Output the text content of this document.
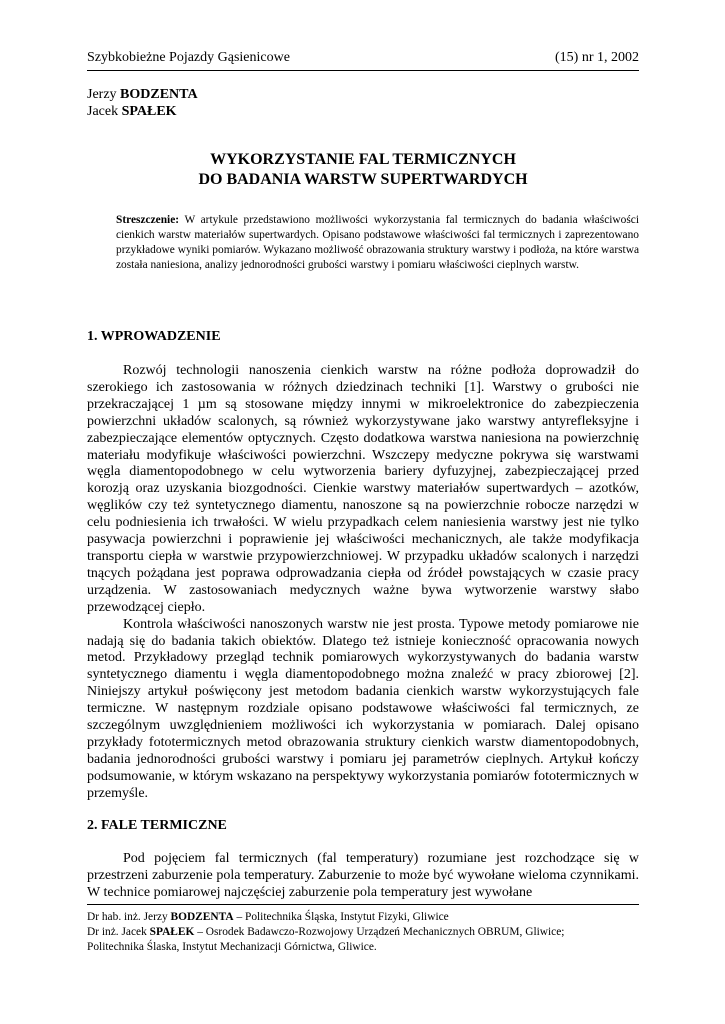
Szybkobieżne Pojazdy Gąsienicowe	(15) nr 1, 2002
Jerzy BODZENTA
Jacek SPAŁEK
WYKORZYSTANIE FAL TERMICZNYCH
DO BADANIA WARSTW SUPERTWARDYCH
Streszczenie: W artykule przedstawiono możliwości wykorzystania fal termicznych do badania właściwości cienkich warstw materiałów supertwardych. Opisano podstawowe właściwości fal termicznych i zaprezentowano przykładowe wyniki pomiarów. Wykazano możliwość obrazowania struktury warstwy i podłoża, na które warstwa została naniesiona, analizy jednorodności grubości warstwy i pomiaru właściwości cieplnych warstw.
1. WPROWADZENIE

Rozwój technologii nanoszenia cienkich warstw na różne podłoża doprowadził do szerokiego ich zastosowania w różnych dziedzinach techniki [1]. Warstwy o grubości nie przekraczającej 1 µm są stosowane między innymi w mikroelektronice do zabezpieczenia powierzchni układów scalonych, są również wykorzystywane jako warstwy antyrefleksyjne i zabezpieczające elementów optycznych. Często dodatkowa warstwa naniesiona na powierzchnię materiału modyfikuje właściwości powierzchni. Wszczepy medyczne pokrywa się warstwami węgla diamentopodobnego w celu wytworzenia bariery dyfuzyjnej, zabezpieczającej przed korozją oraz uzyskania biozgodności. Cienkie warstwy materiałów supertwardych – azotków, węglików czy też syntetycznego diamentu, nanoszone są na powierzchnie robocze narzędzi w celu podniesienia ich trwałości. W wielu przypadkach celem naniesienia warstwy jest nie tylko pasywacja powierzchni i poprawienie jej właściwości mechanicznych, ale także modyfikacja transportu ciepła w warstwie przypowierzchniowej. W przypadku układów scalonych i narzędzi tnących pożądana jest poprawa odprowadzania ciepła od źródeł powstających w czasie pracy urządzenia. W zastosowaniach medycznych ważne bywa wytworzenie warstwy słabo przewodzącej ciepło.

Kontrola właściwości nanoszonych warstw nie jest prosta. Typowe metody pomiarowe nie nadają się do badania takich obiektów. Dlatego też istnieje konieczność opracowania nowych metod. Przykładowy przegląd technik pomiarowych wykorzystywanych do badania warstw syntetycznego diamentu i węgla diamentopodobnego można znaleźć w pracy zbiorowej [2]. Niniejszy artykuł poświęcony jest metodom badania cienkich warstw wykorzystujących fale termiczne. W następnym rozdziale opisano podstawowe właściwości fal termicznych, ze szczególnym uwzględnieniem możliwości ich wykorzystania w pomiarach. Dalej opisano przykłady fototermicznych metod obrazowania struktury cienkich warstw diamentopodobnych, badania jednorodności grubości warstwy i pomiaru jej parametrów cieplnych. Artykuł kończy podsumowanie, w którym wskazano na perspektywy wykorzystania pomiarów fototermicznych w przemyśle.

2. FALE TERMICZNE

Pod pojęciem fal termicznych (fal temperatury) rozumiane jest rozchodzące się w przestrzeni zaburzenie pola temperatury. Zaburzenie to może być wywołane wieloma czynnikami. W technice pomiarowej najczęściej zaburzenie pola temperatury jest wywołane

Dr hab. inż. Jerzy BODZENTA – Politechnika Śląska, Instytut Fizyki, Gliwice
Dr inż. Jacek SPAŁEK – Osrodek Badawczo-Rozwojowy Urządzeń Mechanicznych OBRUM, Gliwice;
Politechnika Ślaska, Instytut Mechanizacji Górnictwa, Gliwice.
